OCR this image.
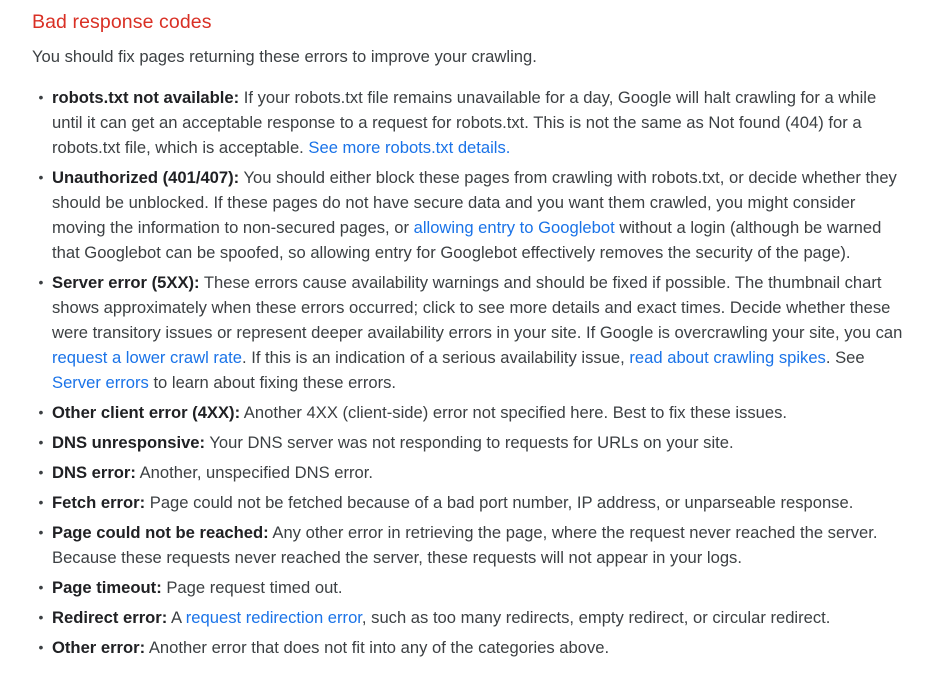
Bad response codes

You should fix pages returning these errors to improve your crawling.

• robots.txt not available: If your robots.txt file remains unavailable for a day, Google will halt crawling for a while until it can get an acceptable response to a request for robots.txt. This is not the same as Not found (404) for a robots.txt file, which is acceptable. See more robots.txt details.
• Unauthorized (401/407): You should either block these pages from crawling with robots.txt, or decide whether they should be unblocked. If these pages do not have secure data and you want them crawled, you might consider moving the information to non-secured pages, or allowing entry to Googlebot without a login (although be warned that Googlebot can be spoofed, so allowing entry for Googlebot effectively removes the security of the page).
• Server error (5XX): These errors cause availability warnings and should be fixed if possible. The thumbnail chart shows approximately when these errors occurred; click to see more details and exact times. Decide whether these were transitory issues or represent deeper availability errors in your site. If Google is overcrawling your site, you can request a lower crawl rate. If this is an indication of a serious availability issue, read about crawling spikes. See Server errors to learn about fixing these errors.
• Other client error (4XX): Another 4XX (client-side) error not specified here. Best to fix these issues.
• DNS unresponsive: Your DNS server was not responding to requests for URLs on your site.
• DNS error: Another, unspecified DNS error.
• Fetch error: Page could not be fetched because of a bad port number, IP address, or unparseable response.
• Page could not be reached: Any other error in retrieving the page, where the request never reached the server. Because these requests never reached the server, these requests will not appear in your logs.
• Page timeout: Page request timed out.
• Redirect error: A request redirection error, such as too many redirects, empty redirect, or circular redirect.
• Other error: Another error that does not fit into any of the categories above.
